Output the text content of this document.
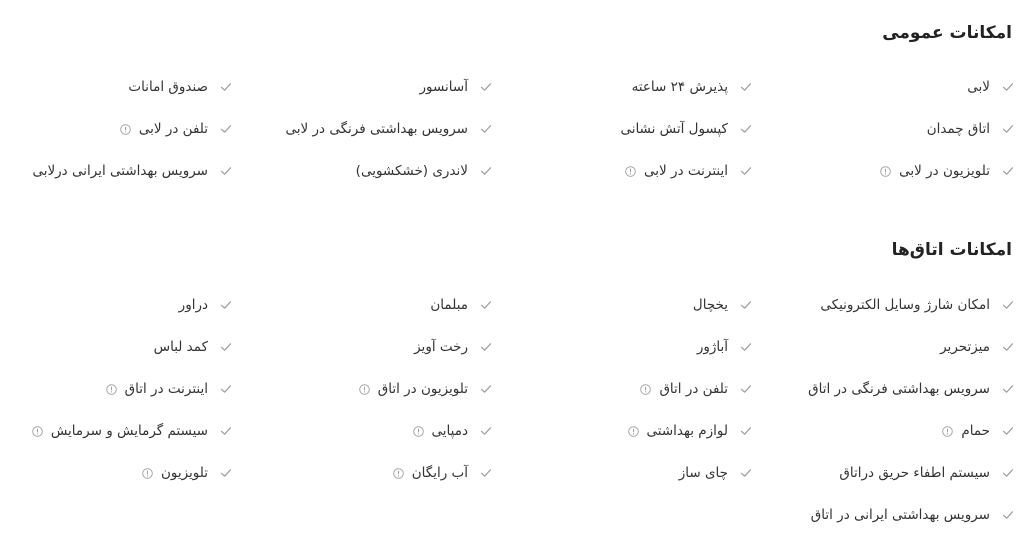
امکانات عمومی
لابی
پذیرش ۲۴ ساعته
آسانسور
صندوق امانات
اتاق چمدان
کپسول آتش نشانی
سرویس بهداشتی فرنگی در لابی
تلفن در لابی
تلویزیون در لابی
اینترنت در لابی
لاندری (خشکشویی)
سرویس بهداشتی ایرانی درلابی
امکانات اتاق‌ها
امکان شارژ وسایل الکترونیکی
یخچال
مبلمان
دراور
میزتحریر
آباژور
رخت آویز
کمد لباس
سرویس بهداشتی فرنگی در اتاق
تلفن در اتاق
تلویزیون در اتاق
اینترنت در اتاق
حمام
لوازم بهداشتی
دمپایی
سیستم گرمایش و سرمایش
سیستم اطفاء حریق دراتاق
چای ساز
آب رایگان
تلویزیون
سرویس بهداشتی ایرانی در اتاق
